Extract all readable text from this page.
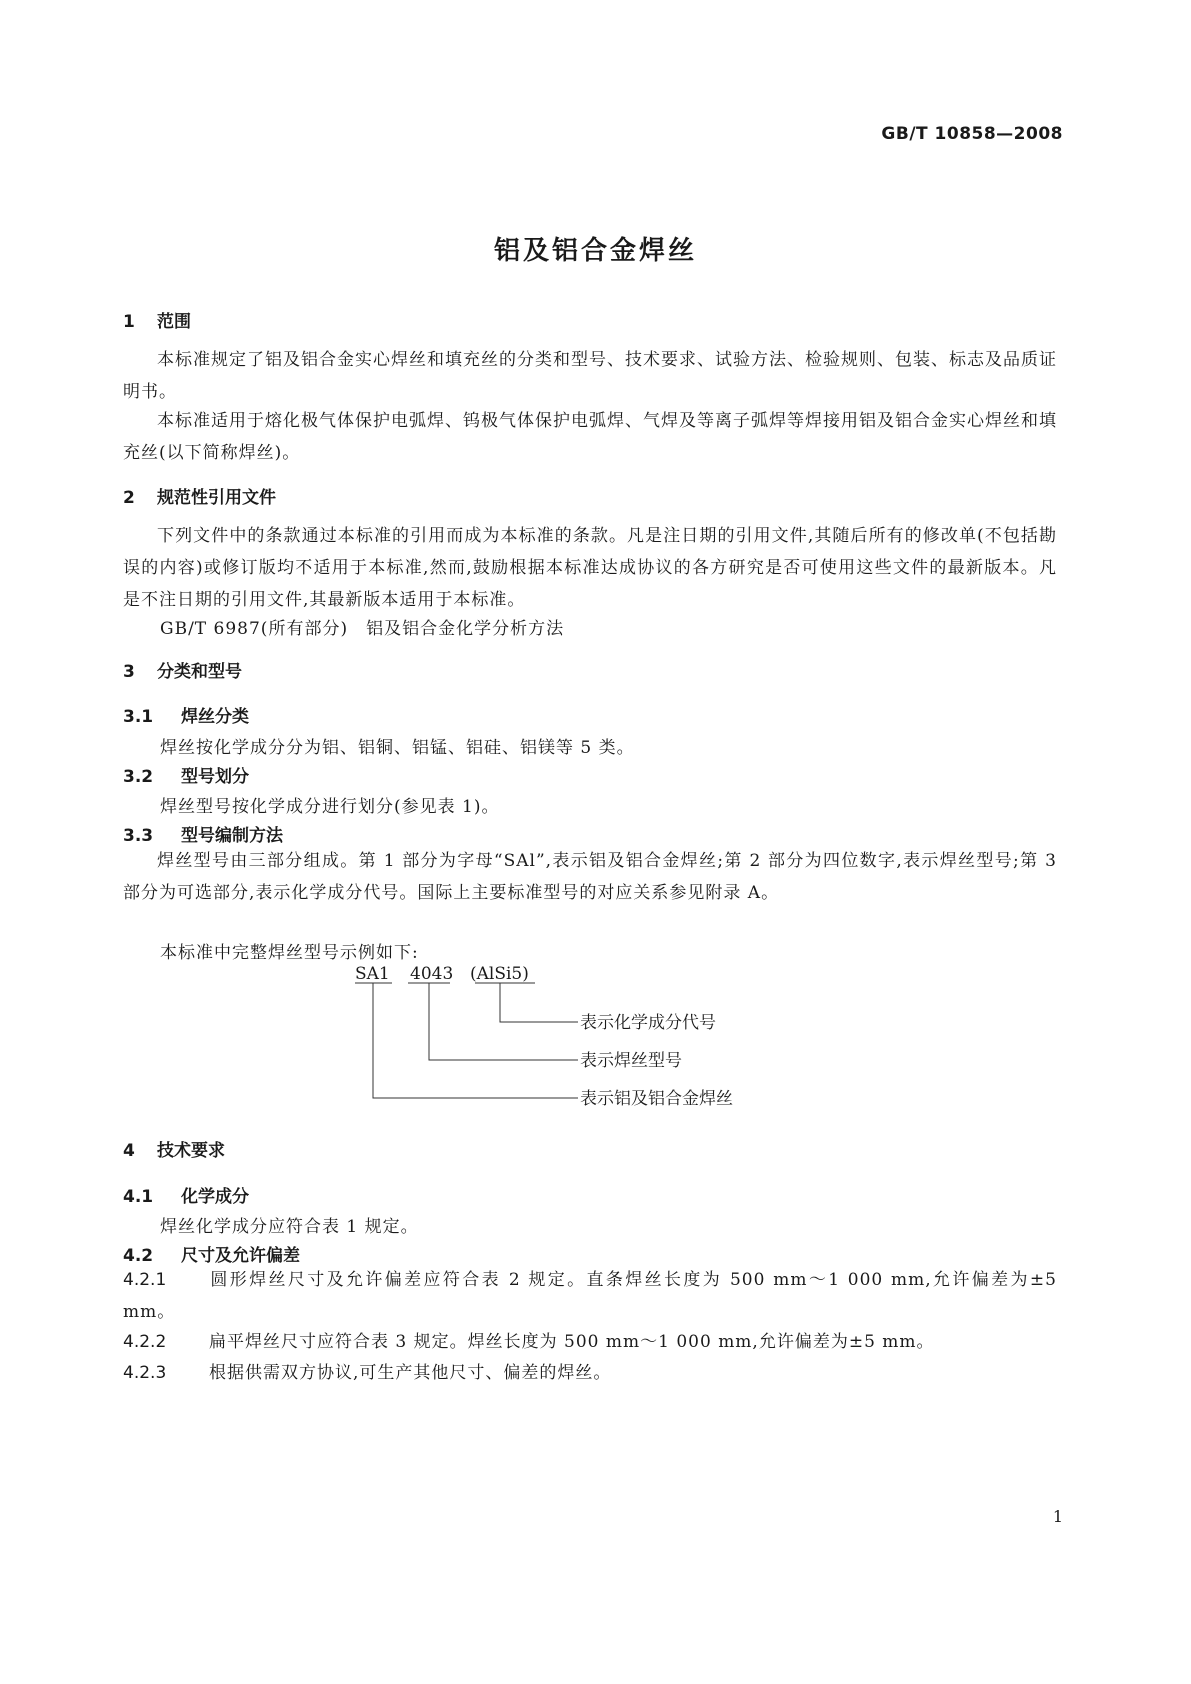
GB/T 10858—2008
铝及铝合金焊丝
1 范围
本标准规定了铝及铝合金实心焊丝和填充丝的分类和型号、技术要求、试验方法、检验规则、包装、标志及品质证明书。
本标准适用于熔化极气体保护电弧焊、钨极气体保护电弧焊、气焊及等离子弧焊等焊接用铝及铝合金实心焊丝和填充丝(以下简称焊丝)。
2 规范性引用文件
下列文件中的条款通过本标准的引用而成为本标准的条款。凡是注日期的引用文件,其随后所有的修改单(不包括勘误的内容)或修订版均不适用于本标准,然而,鼓励根据本标准达成协议的各方研究是否可使用这些文件的最新版本。凡是不注日期的引用文件,其最新版本适用于本标准。
GB/T 6987(所有部分)　铝及铝合金化学分析方法
3 分类和型号
3.1 焊丝分类
焊丝按化学成分分为铝、铝铜、铝锰、铝硅、铝镁等 5 类。
3.2 型号划分
焊丝型号按化学成分进行划分(参见表 1)。
3.3 型号编制方法
焊丝型号由三部分组成。第 1 部分为字母“SAl”,表示铝及铝合金焊丝;第 2 部分为四位数字,表示焊丝型号;第 3 部分为可选部分,表示化学成分代号。国际上主要标准型号的对应关系参见附录 A。
本标准中完整焊丝型号示例如下:
SA1 4043 (AlSi5)
表示化学成分代号
表示焊丝型号
表示铝及铝合金焊丝
4 技术要求
4.1 化学成分
焊丝化学成分应符合表 1 规定。
4.2 尺寸及允许偏差
4.2.1	圆形焊丝尺寸及允许偏差应符合表 2 规定。直条焊丝长度为 500 mm～1 000 mm,允许偏差为±5 mm。
4.2.2	扁平焊丝尺寸应符合表 3 规定。焊丝长度为 500 mm～1 000 mm,允许偏差为±5 mm。
4.2.3	根据供需双方协议,可生产其他尺寸、偏差的焊丝。
1
